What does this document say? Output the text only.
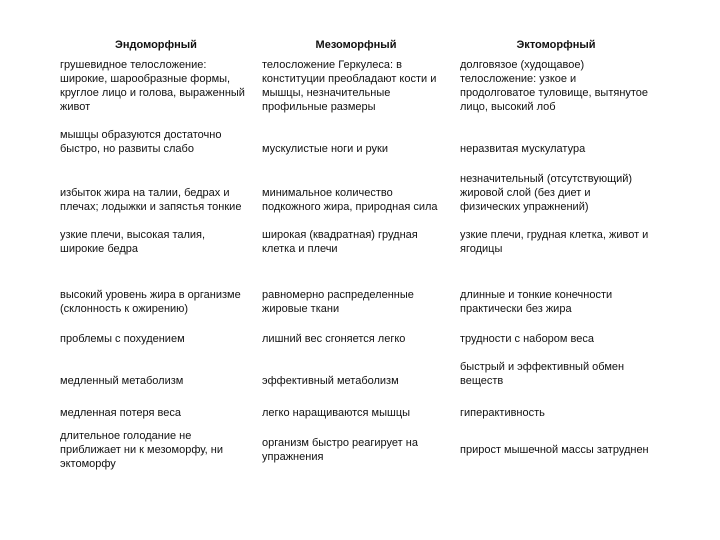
Эндоморфный	Мезоморфный	Эктоморфный
грушевидное телосложение: широкие, шарообразные формы, круглое лицо и голова, выраженный живот	телосложение Геркулеса: в конституции преобладают кости и мышцы, незначительные профильные размеры	долговязое (худощавое) телосложение: узкое и продолговатое туловище, вытянутое лицо, высокий лоб
мышцы образуются достаточно быстро, но развиты слабо	мускулистые ноги и руки	неразвитая мускулатура
избыток жира на талии, бедрах и плечах; лодыжки и запястья тонкие	минимальное количество подкожного жира, природная сила	незначительный (отсутствующий) жировой слой (без диет и физических упражнений)
узкие плечи, высокая талия, широкие бедра	широкая (квадратная) грудная клетка и плечи	узкие плечи, грудная клетка, живот и ягодицы
высокий уровень жира в организме (склонность к ожирению)	равномерно распределенные жировые ткани	длинные и тонкие конечности практически без жира
проблемы с похудением	лишний вес сгоняется легко	трудности с набором веса
медленный метаболизм	эффективный метаболизм	быстрый и эффективный обмен веществ
медленная потеря веса	легко наращиваются мышцы	гиперактивность
длительное голодание не приближает ни к мезоморфу, ни эктоморфу	организм быстро реагирует на упражнения	прирост мышечной массы затруднен
